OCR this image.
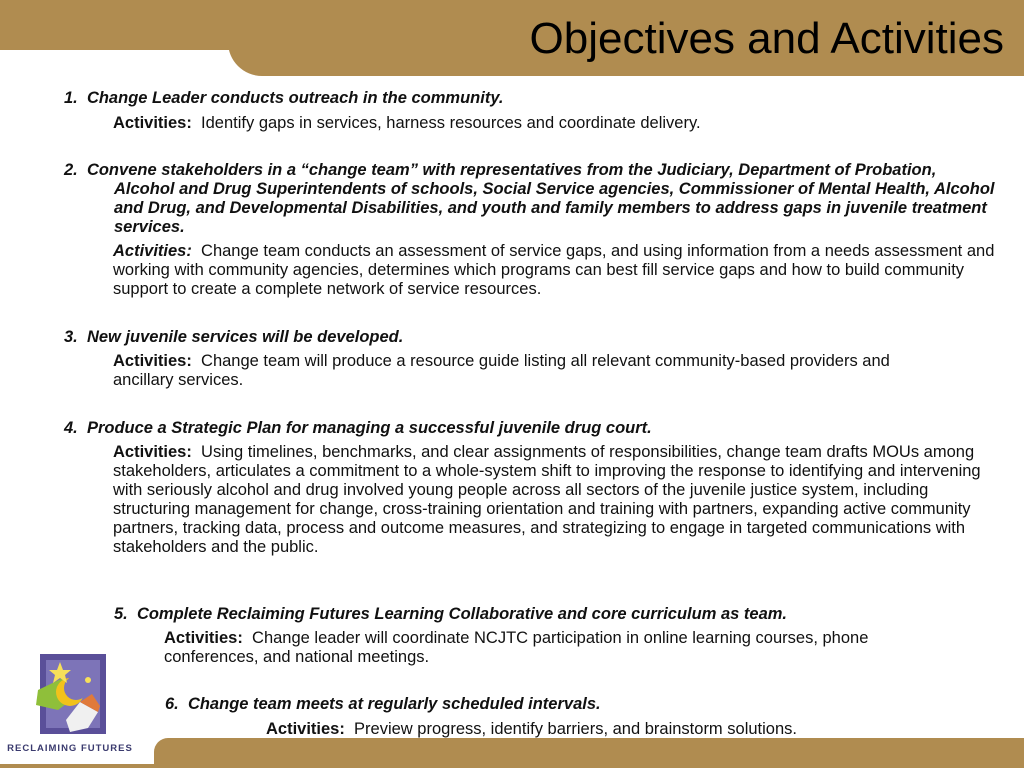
Objectives and Activities
1. Change Leader conducts outreach in the community.
Activities: Identify gaps in services, harness resources and coordinate delivery.
2. Convene stakeholders in a “change team” with representatives from the Judiciary, Department of Probation, Alcohol and Drug Superintendents of schools, Social Service agencies, Commissioner of Mental Health, Alcohol and Drug, and Developmental Disabilities, and youth and family members to address gaps in juvenile treatment services.
Activities: Change team conducts an assessment of service gaps, and using information from a needs assessment and working with community agencies, determines which programs can best fill service gaps and how to build community support to create a complete network of service resources.
3. New juvenile services will be developed.
Activities: Change team will produce a resource guide listing all relevant community-based providers and ancillary services.
4. Produce a Strategic Plan for managing a successful juvenile drug court.
Activities: Using timelines, benchmarks, and clear assignments of responsibilities, change team drafts MOUs among stakeholders, articulates a commitment to a whole-system shift to improving the response to identifying and intervening with seriously alcohol and drug involved young people across all sectors of the juvenile justice system, including structuring management for change, cross-training orientation and training with partners, expanding active community partners, tracking data, process and outcome measures, and strategizing to engage in targeted communications with stakeholders and the public.
5. Complete Reclaiming Futures Learning Collaborative and core curriculum as team.
Activities: Change leader will coordinate NCJTC participation in online learning courses, phone conferences, and national meetings.
6. Change team meets at regularly scheduled intervals.
Activities: Preview progress, identify barriers, and brainstorm solutions.
RECLAIMING FUTURES
